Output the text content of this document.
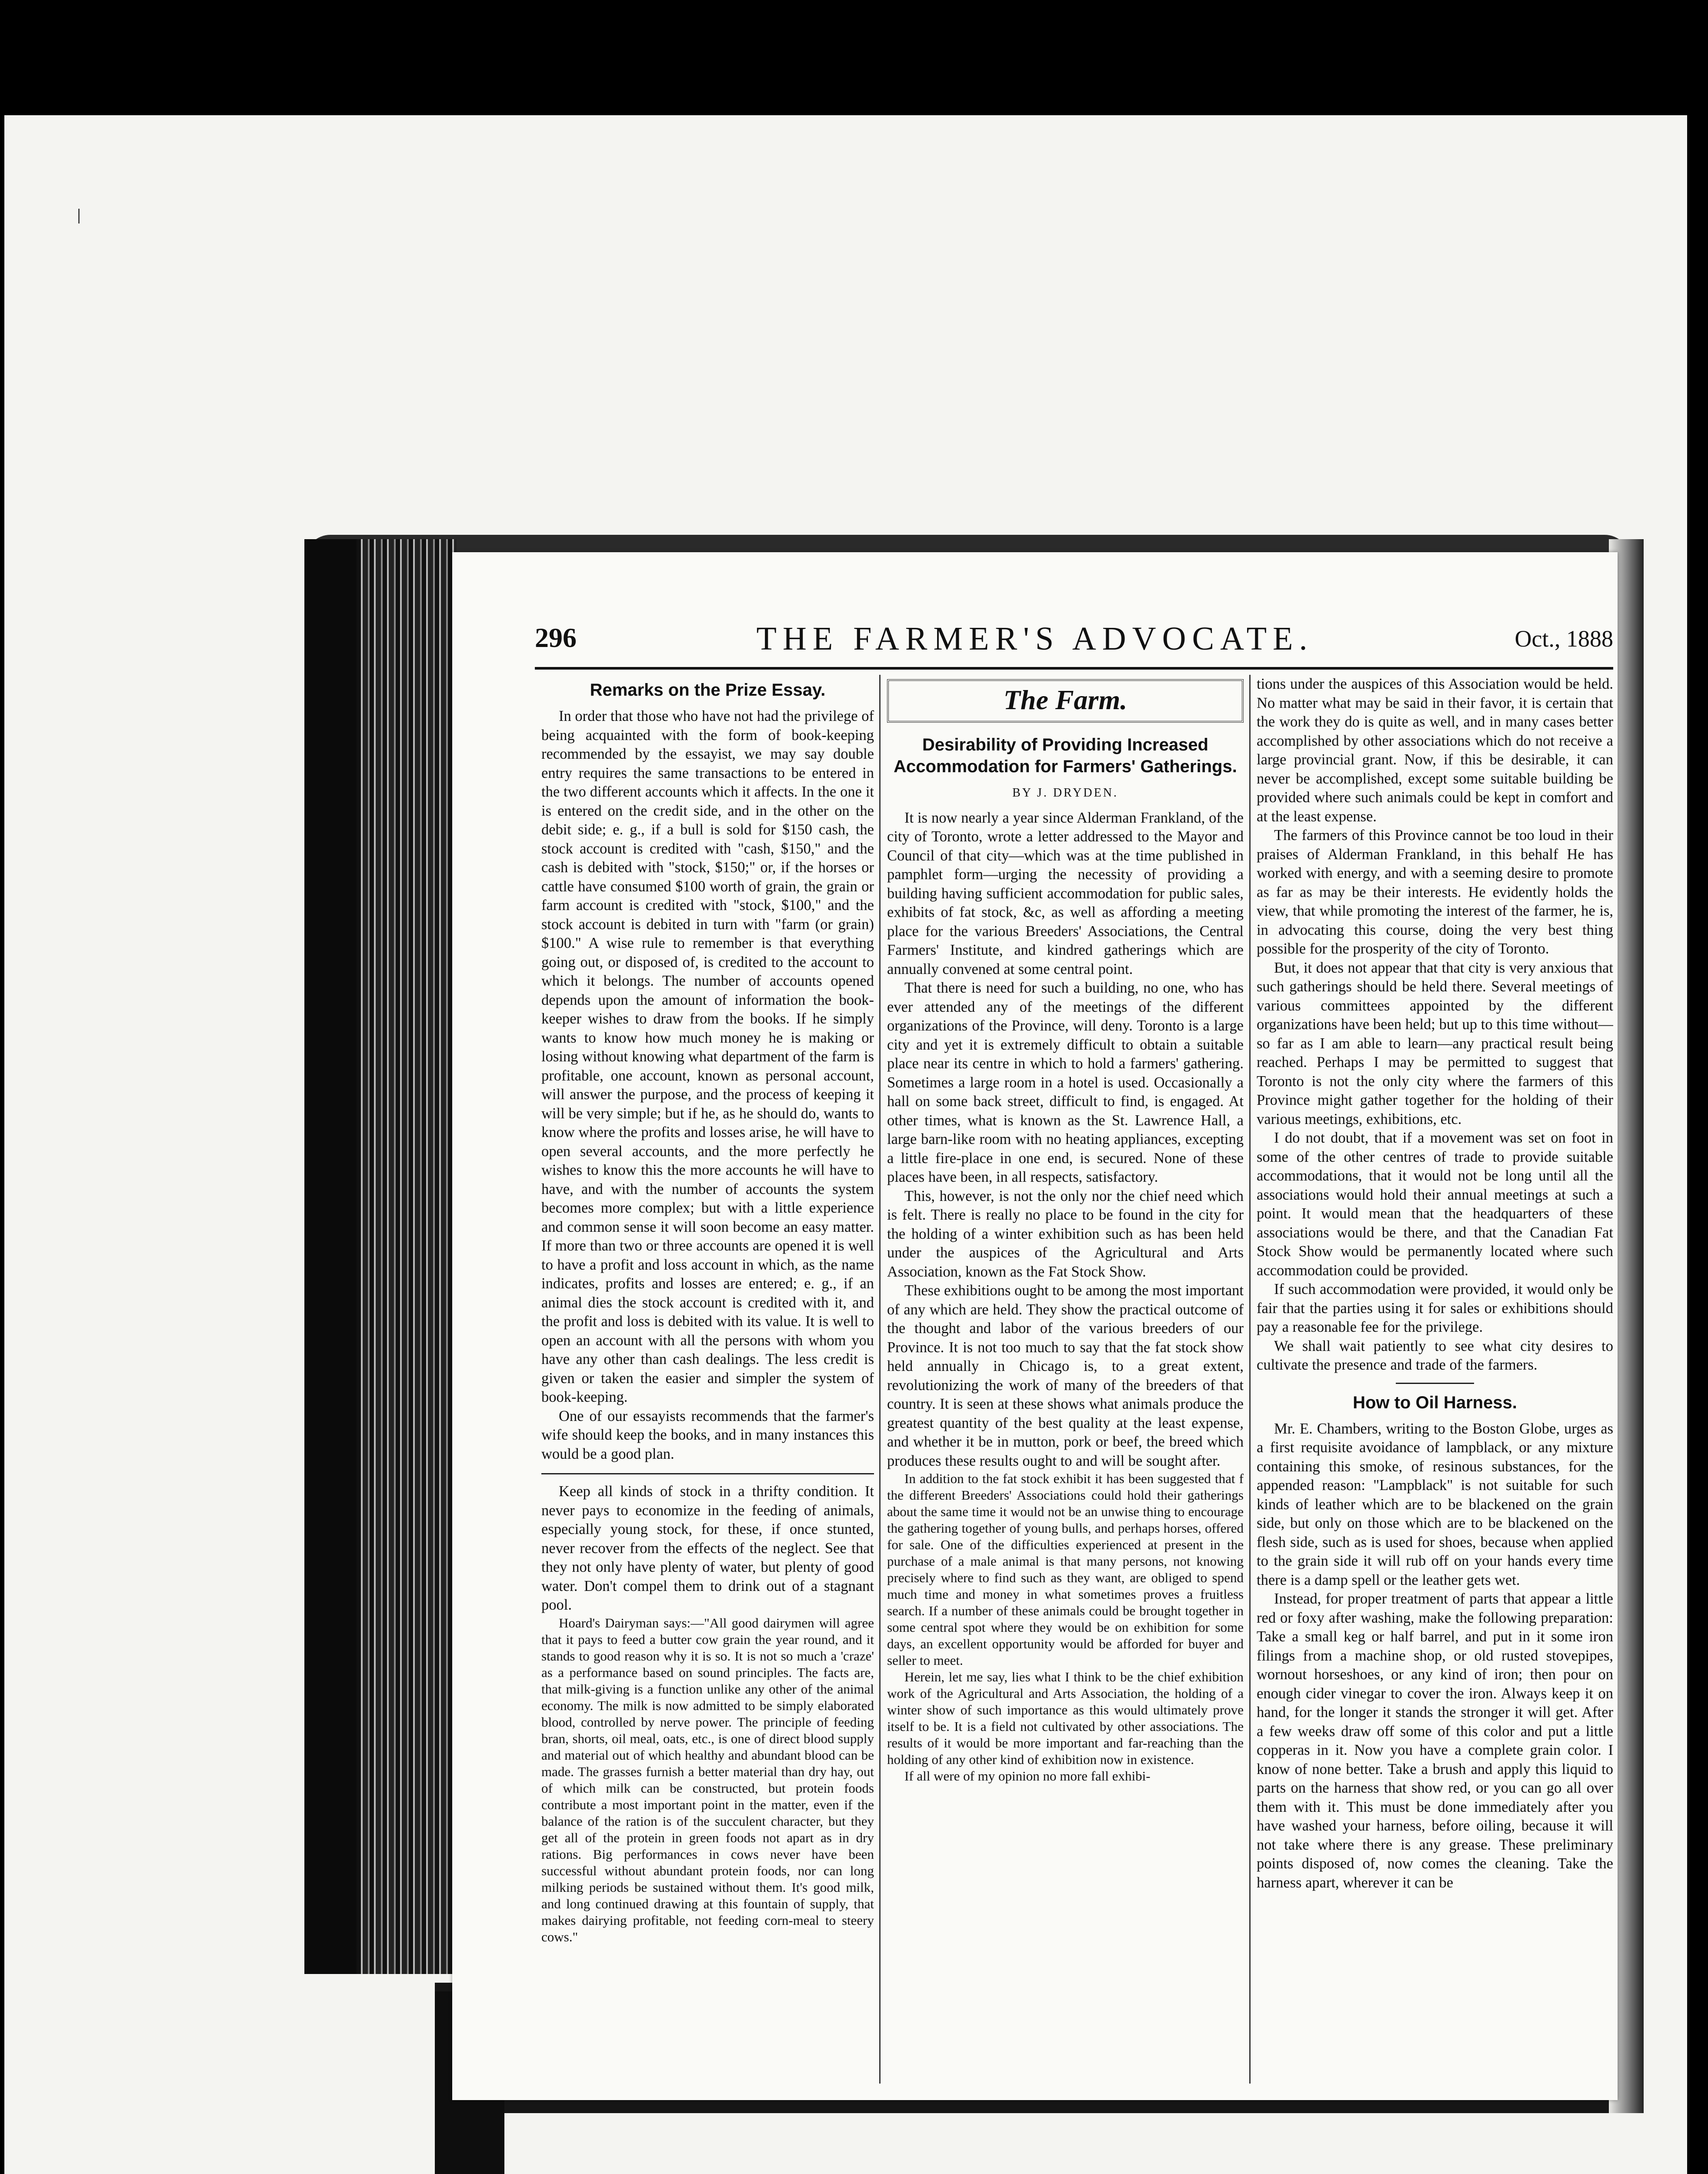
296	THE FARMER'S ADVOCATE.	Oct., 1888
Remarks on the Prize Essay.

In order that those who have not had the privilege of being acquainted with the form of book-keeping recommended by the essayist, we may say double entry requires the same transactions to be entered in the two different accounts which it affects. In the one it is entered on the credit side, and in the other on the debit side; e. g., if a bull is sold for $150 cash, the stock account is credited with "cash, $150," and the cash is debited with "stock, $150;" or, if the horses or cattle have consumed $100 worth of grain, the grain or farm account is credited with "stock, $100," and the stock account is debited in turn with "farm (or grain) $100." A wise rule to remember is that everything going out, or disposed of, is credited to the account to which it belongs. The number of accounts opened depends upon the amount of information the book-keeper wishes to draw from the books. If he simply wants to know how much money he is making or losing without knowing what department of the farm is profitable, one account, known as personal account, will answer the purpose, and the process of keeping it will be very simple; but if he, as he should do, wants to know where the profits and losses arise, he will have to open several accounts, and the more perfectly he wishes to know this the more accounts he will have to have, and with the number of accounts the system becomes more complex; but with a little experience and common sense it will soon become an easy matter. If more than two or three accounts are opened it is well to have a profit and loss account in which, as the name indicates, profits and losses are entered; e. g., if an animal dies the stock account is credited with it, and the profit and loss is debited with its value. It is well to open an account with all the persons with whom you have any other than cash dealings. The less credit is given or taken the easier and simpler the system of book-keeping.

One of our essayists recommends that the farmer's wife should keep the books, and in many instances this would be a good plan.

Keep all kinds of stock in a thrifty condition. It never pays to economize in the feeding of animals, especially young stock, for these, if once stunted, never recover from the effects of the neglect. See that they not only have plenty of water, but plenty of good water. Don't compel them to drink out of a stagnant pool.

Hoard's Dairyman says:—"All good dairymen will agree that it pays to feed a butter cow grain the year round, and it stands to good reason why it is so. It is not so much a 'craze' as a performance based on sound principles. The facts are, that milk-giving is a function unlike any other of the animal economy. The milk is now admitted to be simply elaborated blood, controlled by nerve power. The principle of feeding bran, shorts, oil meal, oats, etc., is one of direct blood supply and material out of which healthy and abundant blood can be made. The grasses furnish a better material than dry hay, out of which milk can be constructed, but protein foods contribute a most important point in the matter, even if the balance of the ration is of the succulent character, but they get all of the protein in green foods not apart as in dry rations. Big performances in cows never have been successful without abundant protein foods, nor can long milking periods be sustained without them. It's good milk, and long continued drawing at this fountain of supply, that makes dairying profitable, not feeding corn-meal to steery cows."

The Farm.
Desirability of Providing Increased Accommodation for Farmers' Gatherings.
BY J. DRYDEN.

It is now nearly a year since Alderman Frankland, of the city of Toronto, wrote a letter addressed to the Mayor and Council of that city—which was at the time published in pamphlet form—urging the necessity of providing a building having sufficient accommodation for public sales, exhibits of fat stock, &c, as well as affording a meeting place for the various Breeders' Associations, the Central Farmers' Institute, and kindred gatherings which are annually convened at some central point.

That there is need for such a building, no one, who has ever attended any of the meetings of the different organizations of the Province, will deny. Toronto is a large city and yet it is extremely difficult to obtain a suitable place near its centre in which to hold a farmers' gathering. Sometimes a large room in a hotel is used. Occasionally a hall on some back street, difficult to find, is engaged. At other times, what is known as the St. Lawrence Hall, a large barn-like room with no heating appliances, excepting a little fire-place in one end, is secured. None of these places have been, in all respects, satisfactory.

This, however, is not the only nor the chief need which is felt. There is really no place to be found in the city for the holding of a winter exhibition such as has been held under the auspices of the Agricultural and Arts Association, known as the Fat Stock Show.

These exhibitions ought to be among the most important of any which are held. They show the practical outcome of the thought and labor of the various breeders of our Province. It is not too much to say that the fat stock show held annually in Chicago is, to a great extent, revolutionizing the work of many of the breeders of that country. It is seen at these shows what animals produce the greatest quantity of the best quality at the least expense, and whether it be in mutton, pork or beef, the breed which produces these results ought to and will be sought after.

In addition to the fat stock exhibit it has been suggested that f the different Breeders' Associations could hold their gatherings about the same time it would not be an unwise thing to encourage the gathering together of young bulls, and perhaps horses, offered for sale. One of the difficulties experienced at present in the purchase of a male animal is that many persons, not knowing precisely where to find such as they want, are obliged to spend much time and money in what sometimes proves a fruitless search. If a number of these animals could be brought together in some central spot where they would be on exhibition for some days, an excellent opportunity would be afforded for buyer and seller to meet.

Herein, let me say, lies what I think to be the chief exhibition work of the Agricultural and Arts Association, the holding of a winter show of such importance as this would ultimately prove itself to be. It is a field not cultivated by other associations. The results of it would be more important and far-reaching than the holding of any other kind of exhibition now in existence.

If all were of my opinion no more fall exhibi-

tions under the auspices of this Association would be held. No matter what may be said in their favor, it is certain that the work they do is quite as well, and in many cases better accomplished by other associations which do not receive a large provincial grant. Now, if this be desirable, it can never be accomplished, except some suitable building be provided where such animals could be kept in comfort and at the least expense.

The farmers of this Province cannot be too loud in their praises of Alderman Frankland, in this behalf He has worked with energy, and with a seeming desire to promote as far as may be their interests. He evidently holds the view, that while promoting the interest of the farmer, he is, in advocating this course, doing the very best thing possible for the prosperity of the city of Toronto.

But, it does not appear that that city is very anxious that such gatherings should be held there. Several meetings of various committees appointed by the different organizations have been held; but up to this time without—so far as I am able to learn—any practical result being reached. Perhaps I may be permitted to suggest that Toronto is not the only city where the farmers of this Province might gather together for the holding of their various meetings, exhibitions, etc.

I do not doubt, that if a movement was set on foot in some of the other centres of trade to provide suitable accommodations, that it would not be long until all the associations would hold their annual meetings at such a point. It would mean that the headquarters of these associations would be there, and that the Canadian Fat Stock Show would be permanently located where such accommodation could be provided.

If such accommodation were provided, it would only be fair that the parties using it for sales or exhibitions should pay a reasonable fee for the privilege.

We shall wait patiently to see what city desires to cultivate the presence and trade of the farmers.

How to Oil Harness.

Mr. E. Chambers, writing to the Boston Globe, urges as a first requisite avoidance of lampblack, or any mixture containing this smoke, of resinous substances, for the appended reason: "Lampblack" is not suitable for such kinds of leather which are to be blackened on the grain side, but only on those which are to be blackened on the flesh side, such as is used for shoes, because when applied to the grain side it will rub off on your hands every time there is a damp spell or the leather gets wet.

Instead, for proper treatment of parts that appear a little red or foxy after washing, make the following preparation: Take a small keg or half barrel, and put in it some iron filings from a machine shop, or old rusted stovepipes, wornout horseshoes, or any kind of iron; then pour on enough cider vinegar to cover the iron. Always keep it on hand, for the longer it stands the stronger it will get. After a few weeks draw off some of this color and put a little copperas in it. Now you have a complete grain color. I know of none better. Take a brush and apply this liquid to parts on the harness that show red, or you can go all over them with it. This must be done immediately after you have washed your harness, before oiling, because it will not take where there is any grease. These preliminary points disposed of, now comes the cleaning. Take the harness apart, wherever it can be
